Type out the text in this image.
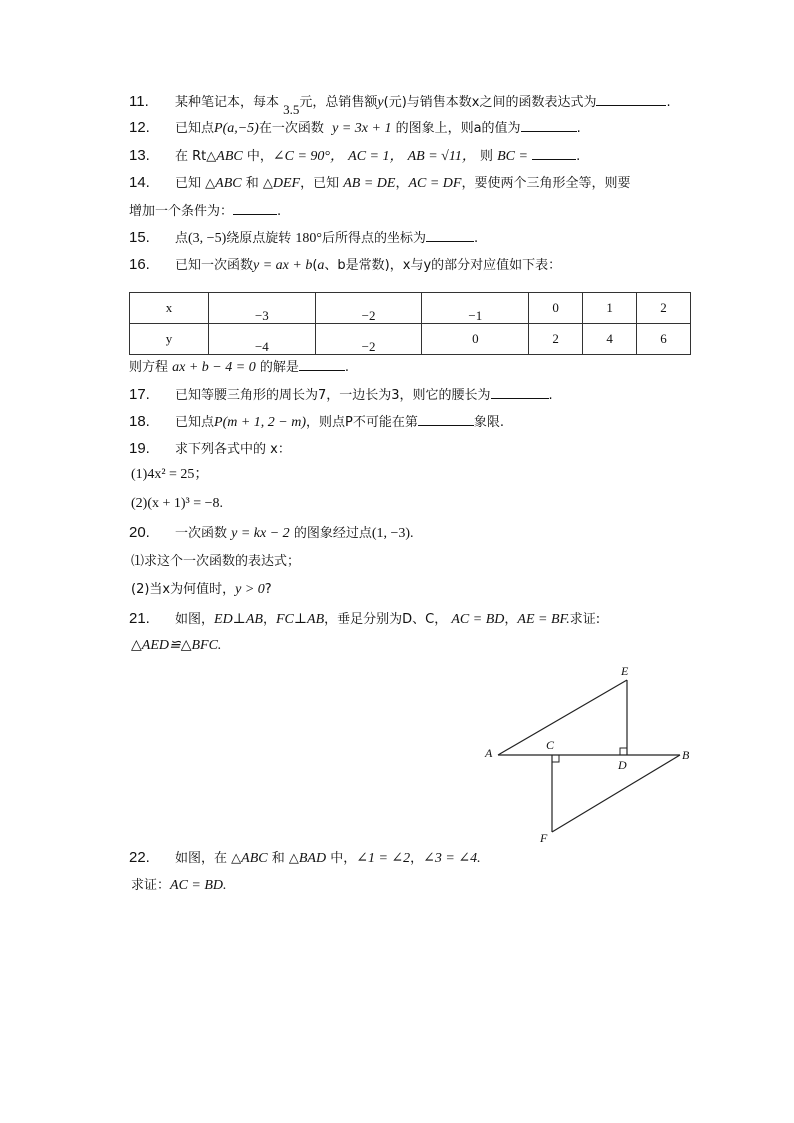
11. 某种笔记本，每本 3.5元，总销售额y(元)与销售本数x之间的函数表达式为	.
12. 已知点P(a,−5)在一次函数 y = 3x + 1 的图象上，则a的值为	.
13. 在 Rt△ABC 中，∠C = 90°， AC = 1， AB = √11， 则 BC =	.
14. 已知 △ABC 和 △DEF，已知 AB = DE，AC = DF，要使两个三角形全等，则要
增加一个条件为：	.
15. 点(3, −5)绕原点旋转 180°后所得点的坐标为	.
16. 已知一次函数y = ax + b(a、b是常数)，x与y的部分对应值如下表：
x	−3	−2	−1	0	1	2
y	−4	−2	0	2	4	6
则方程 ax + b − 4 = 0 的解是	.
17. 已知等腰三角形的周长为7，一边长为3，则它的腰长为	.
18. 已知点P(m + 1, 2 − m)，则点P不可能在第	象限.
19. 求下列各式中的 x：
(1)4x² = 25；
(2)(x + 1)³ = −8.
20. 一次函数 y = kx − 2 的图象经过点(1, −3).
⑴求这个一次函数的表达式；
(2)当x为何值时，y > 0?
21. 如图，ED⊥AB，FC⊥AB，垂足分别为D、C， AC = BD，AE = BF.求证:
△AED≌△BFC.
A	B
C
D
E
F
22. 如图，在 △ABC 和 △BAD 中，∠1 = ∠2，∠3 = ∠4.
求证：AC = BD.
